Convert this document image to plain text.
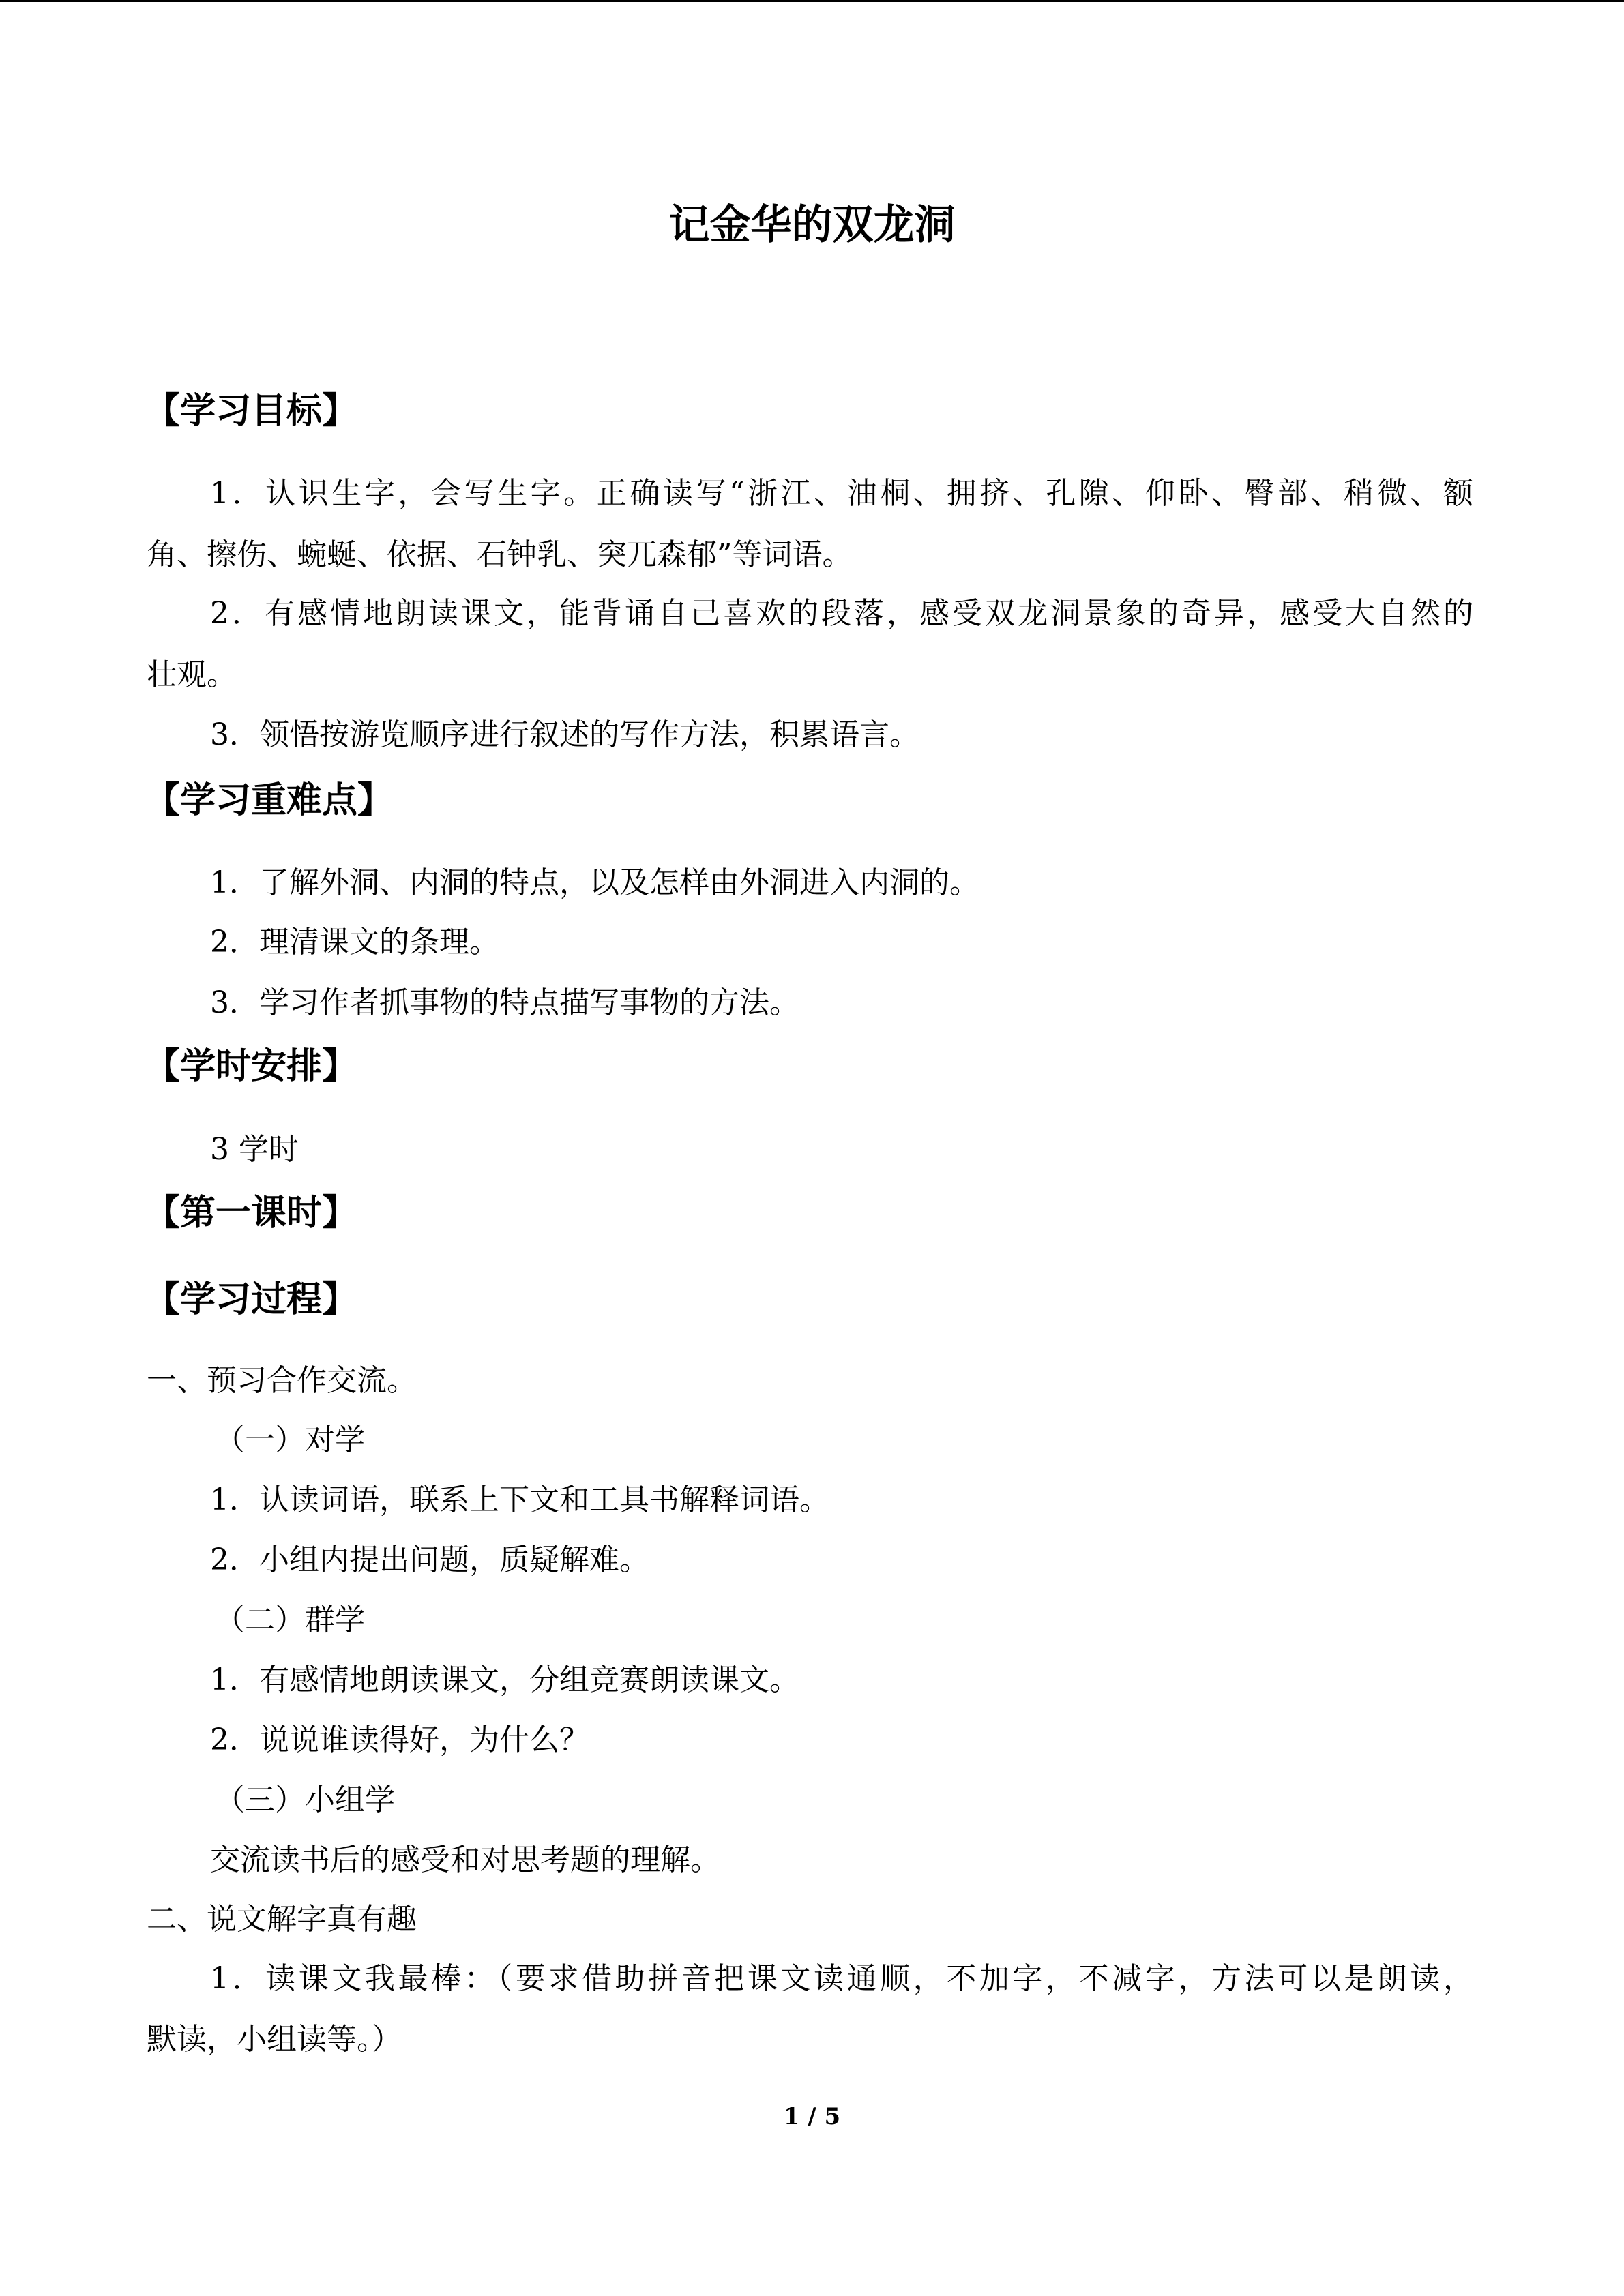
记金华的双龙洞
【学习目标】
1．认识生字，会写生字。正确读写“浙江、油桐、拥挤、孔隙、仰卧、臀部、稍微、额
角、擦伤、蜿蜒、依据、石钟乳、突兀森郁”等词语。
2．有感情地朗读课文，能背诵自己喜欢的段落，感受双龙洞景象的奇异，感受大自然的
壮观。
3．领悟按游览顺序进行叙述的写作方法，积累语言。
【学习重难点】
1．了解外洞、内洞的特点，以及怎样由外洞进入内洞的。
2．理清课文的条理。
3．学习作者抓事物的特点描写事物的方法。
【学时安排】
3 学时
【第一课时】
【学习过程】
一、预习合作交流。
（一）对学
1．认读词语，联系上下文和工具书解释词语。
2．小组内提出问题，质疑解难。
（二）群学
1．有感情地朗读课文，分组竞赛朗读课文。
2．说说谁读得好，为什么？
（三）小组学
交流读书后的感受和对思考题的理解。
二、说文解字真有趣
1．读课文我最棒：（要求借助拼音把课文读通顺，不加字，不减字，方法可以是朗读，
默读，小组读等。）
1 / 5
